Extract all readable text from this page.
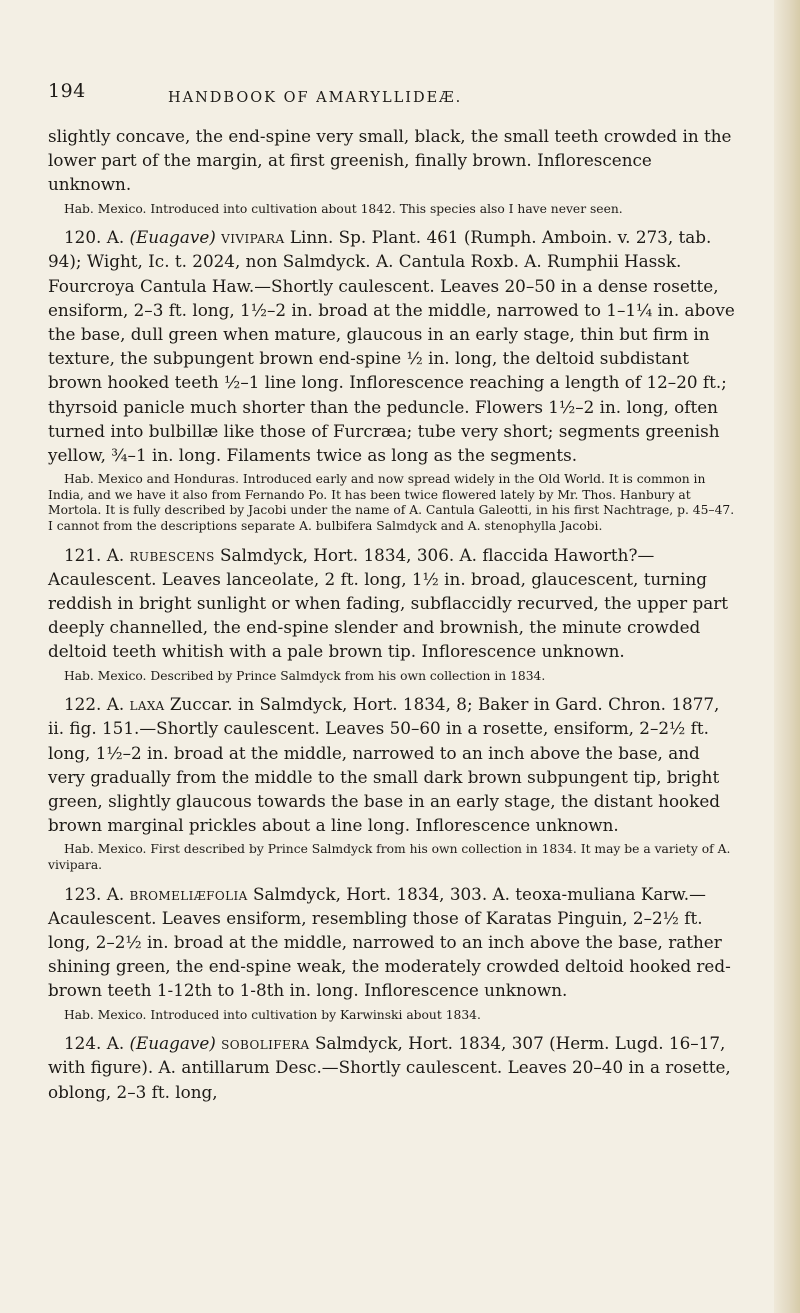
194	HANDBOOK OF AMARYLLIDEÆ.

slightly concave, the end-spine very small, black, the small teeth crowded in the lower part of the margin, at first greenish, finally brown. Inflorescence unknown.

Hab. Mexico. Introduced into cultivation about 1842. This species also I have never seen.

120. A. (Euagave) vivipara Linn. Sp. Plant. 461 (Rumph. Amboin. v. 273, tab. 94); Wight, Ic. t. 2024, non Salmdyck. A. Cantula Roxb. A. Rumphii Hassk. Fourcroya Cantula Haw.—Shortly caulescent. Leaves 20–50 in a dense rosette, ensiform, 2–3 ft. long, 1½–2 in. broad at the middle, narrowed to 1–1¼ in. above the base, dull green when mature, glaucous in an early stage, thin but firm in texture, the subpungent brown end-spine ½ in. long, the deltoid subdistant brown hooked teeth ½–1 line long. Inflorescence reaching a length of 12–20 ft.; thyrsoid panicle much shorter than the peduncle. Flowers 1½–2 in. long, often turned into bulbillæ like those of Furcræa; tube very short; segments greenish yellow, ¾–1 in. long. Filaments twice as long as the segments.

Hab. Mexico and Honduras. Introduced early and now spread widely in the Old World. It is common in India, and we have it also from Fernando Po. It has been twice flowered lately by Mr. Thos. Hanbury at Mortola. It is fully described by Jacobi under the name of A. Cantula Galeotti, in his first Nachtrage, p. 45–47. I cannot from the descriptions separate A. bulbifera Salmdyck and A. stenophylla Jacobi.

121. A. rubescens Salmdyck, Hort. 1834, 306. A. flaccida Haworth?—Acaulescent. Leaves lanceolate, 2 ft. long, 1½ in. broad, glaucescent, turning reddish in bright sunlight or when fading, subflaccidly recurved, the upper part deeply channelled, the end-spine slender and brownish, the minute crowded deltoid teeth whitish with a pale brown tip. Inflorescence unknown.

Hab. Mexico. Described by Prince Salmdyck from his own collection in 1834.

122. A. laxa Zuccar. in Salmdyck, Hort. 1834, 8; Baker in Gard. Chron. 1877, ii. fig. 151.—Shortly caulescent. Leaves 50–60 in a rosette, ensiform, 2–2½ ft. long, 1½–2 in. broad at the middle, narrowed to an inch above the base, and very gradually from the middle to the small dark brown subpungent tip, bright green, slightly glaucous towards the base in an early stage, the distant hooked brown marginal prickles about a line long. Inflorescence unknown.

Hab. Mexico. First described by Prince Salmdyck from his own collection in 1834. It may be a variety of A. vivipara.

123. A. bromeliæfolia Salmdyck, Hort. 1834, 303. A. teoxa-muliana Karw.—Acaulescent. Leaves ensiform, resembling those of Karatas Pinguin, 2–2½ ft. long, 2–2½ in. broad at the middle, narrowed to an inch above the base, rather shining green, the end-spine weak, the moderately crowded deltoid hooked red-brown teeth 1-12th to 1-8th in. long. Inflorescence unknown.

Hab. Mexico. Introduced into cultivation by Karwinski about 1834.

124. A. (Euagave) sobolifera Salmdyck, Hort. 1834, 307 (Herm. Lugd. 16–17, with figure). A. antillarum Desc.—Shortly caulescent. Leaves 20–40 in a rosette, oblong, 2–3 ft. long,
